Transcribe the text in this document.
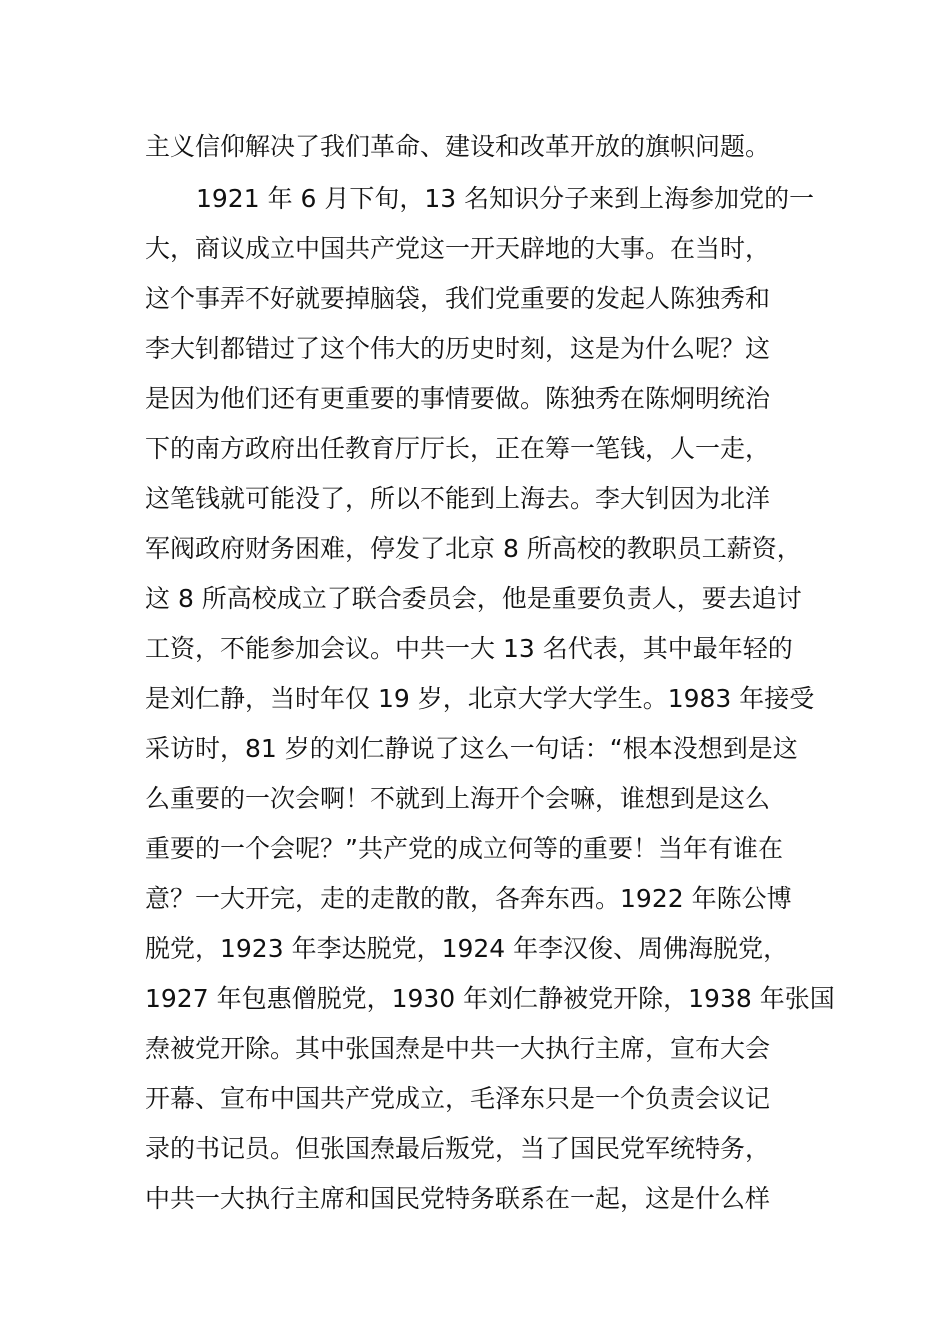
主义信仰解决了我们革命、建设和改革开放的旗帜问题。
1921 年 6 月下旬，13 名知识分子来到上海参加党的一
大，商议成立中国共产党这一开天辟地的大事。在当时，
这个事弄不好就要掉脑袋，我们党重要的发起人陈独秀和
李大钊都错过了这个伟大的历史时刻，这是为什么呢？这
是因为他们还有更重要的事情要做。陈独秀在陈炯明统治
下的南方政府出任教育厅厅长，正在筹一笔钱，人一走，
这笔钱就可能没了，所以不能到上海去。李大钊因为北洋
军阀政府财务困难，停发了北京 8 所高校的教职员工薪资，
这 8 所高校成立了联合委员会，他是重要负责人，要去追讨
工资，不能参加会议。中共一大 13 名代表，其中最年轻的
是刘仁静，当时年仅 19 岁，北京大学大学生。1983 年接受
采访时，81 岁的刘仁静说了这么一句话：“根本没想到是这
么重要的一次会啊！不就到上海开个会嘛，谁想到是这么
重要的一个会呢？”共产党的成立何等的重要！当年有谁在
意？一大开完，走的走散的散，各奔东西。1922 年陈公博
脱党，1923 年李达脱党，1924 年李汉俊、周佛海脱党，
1927 年包惠僧脱党，1930 年刘仁静被党开除，1938 年张国
焘被党开除。其中张国焘是中共一大执行主席，宣布大会
开幕、宣布中国共产党成立，毛泽东只是一个负责会议记
录的书记员。但张国焘最后叛党，当了国民党军统特务，
中共一大执行主席和国民党特务联系在一起，这是什么样
